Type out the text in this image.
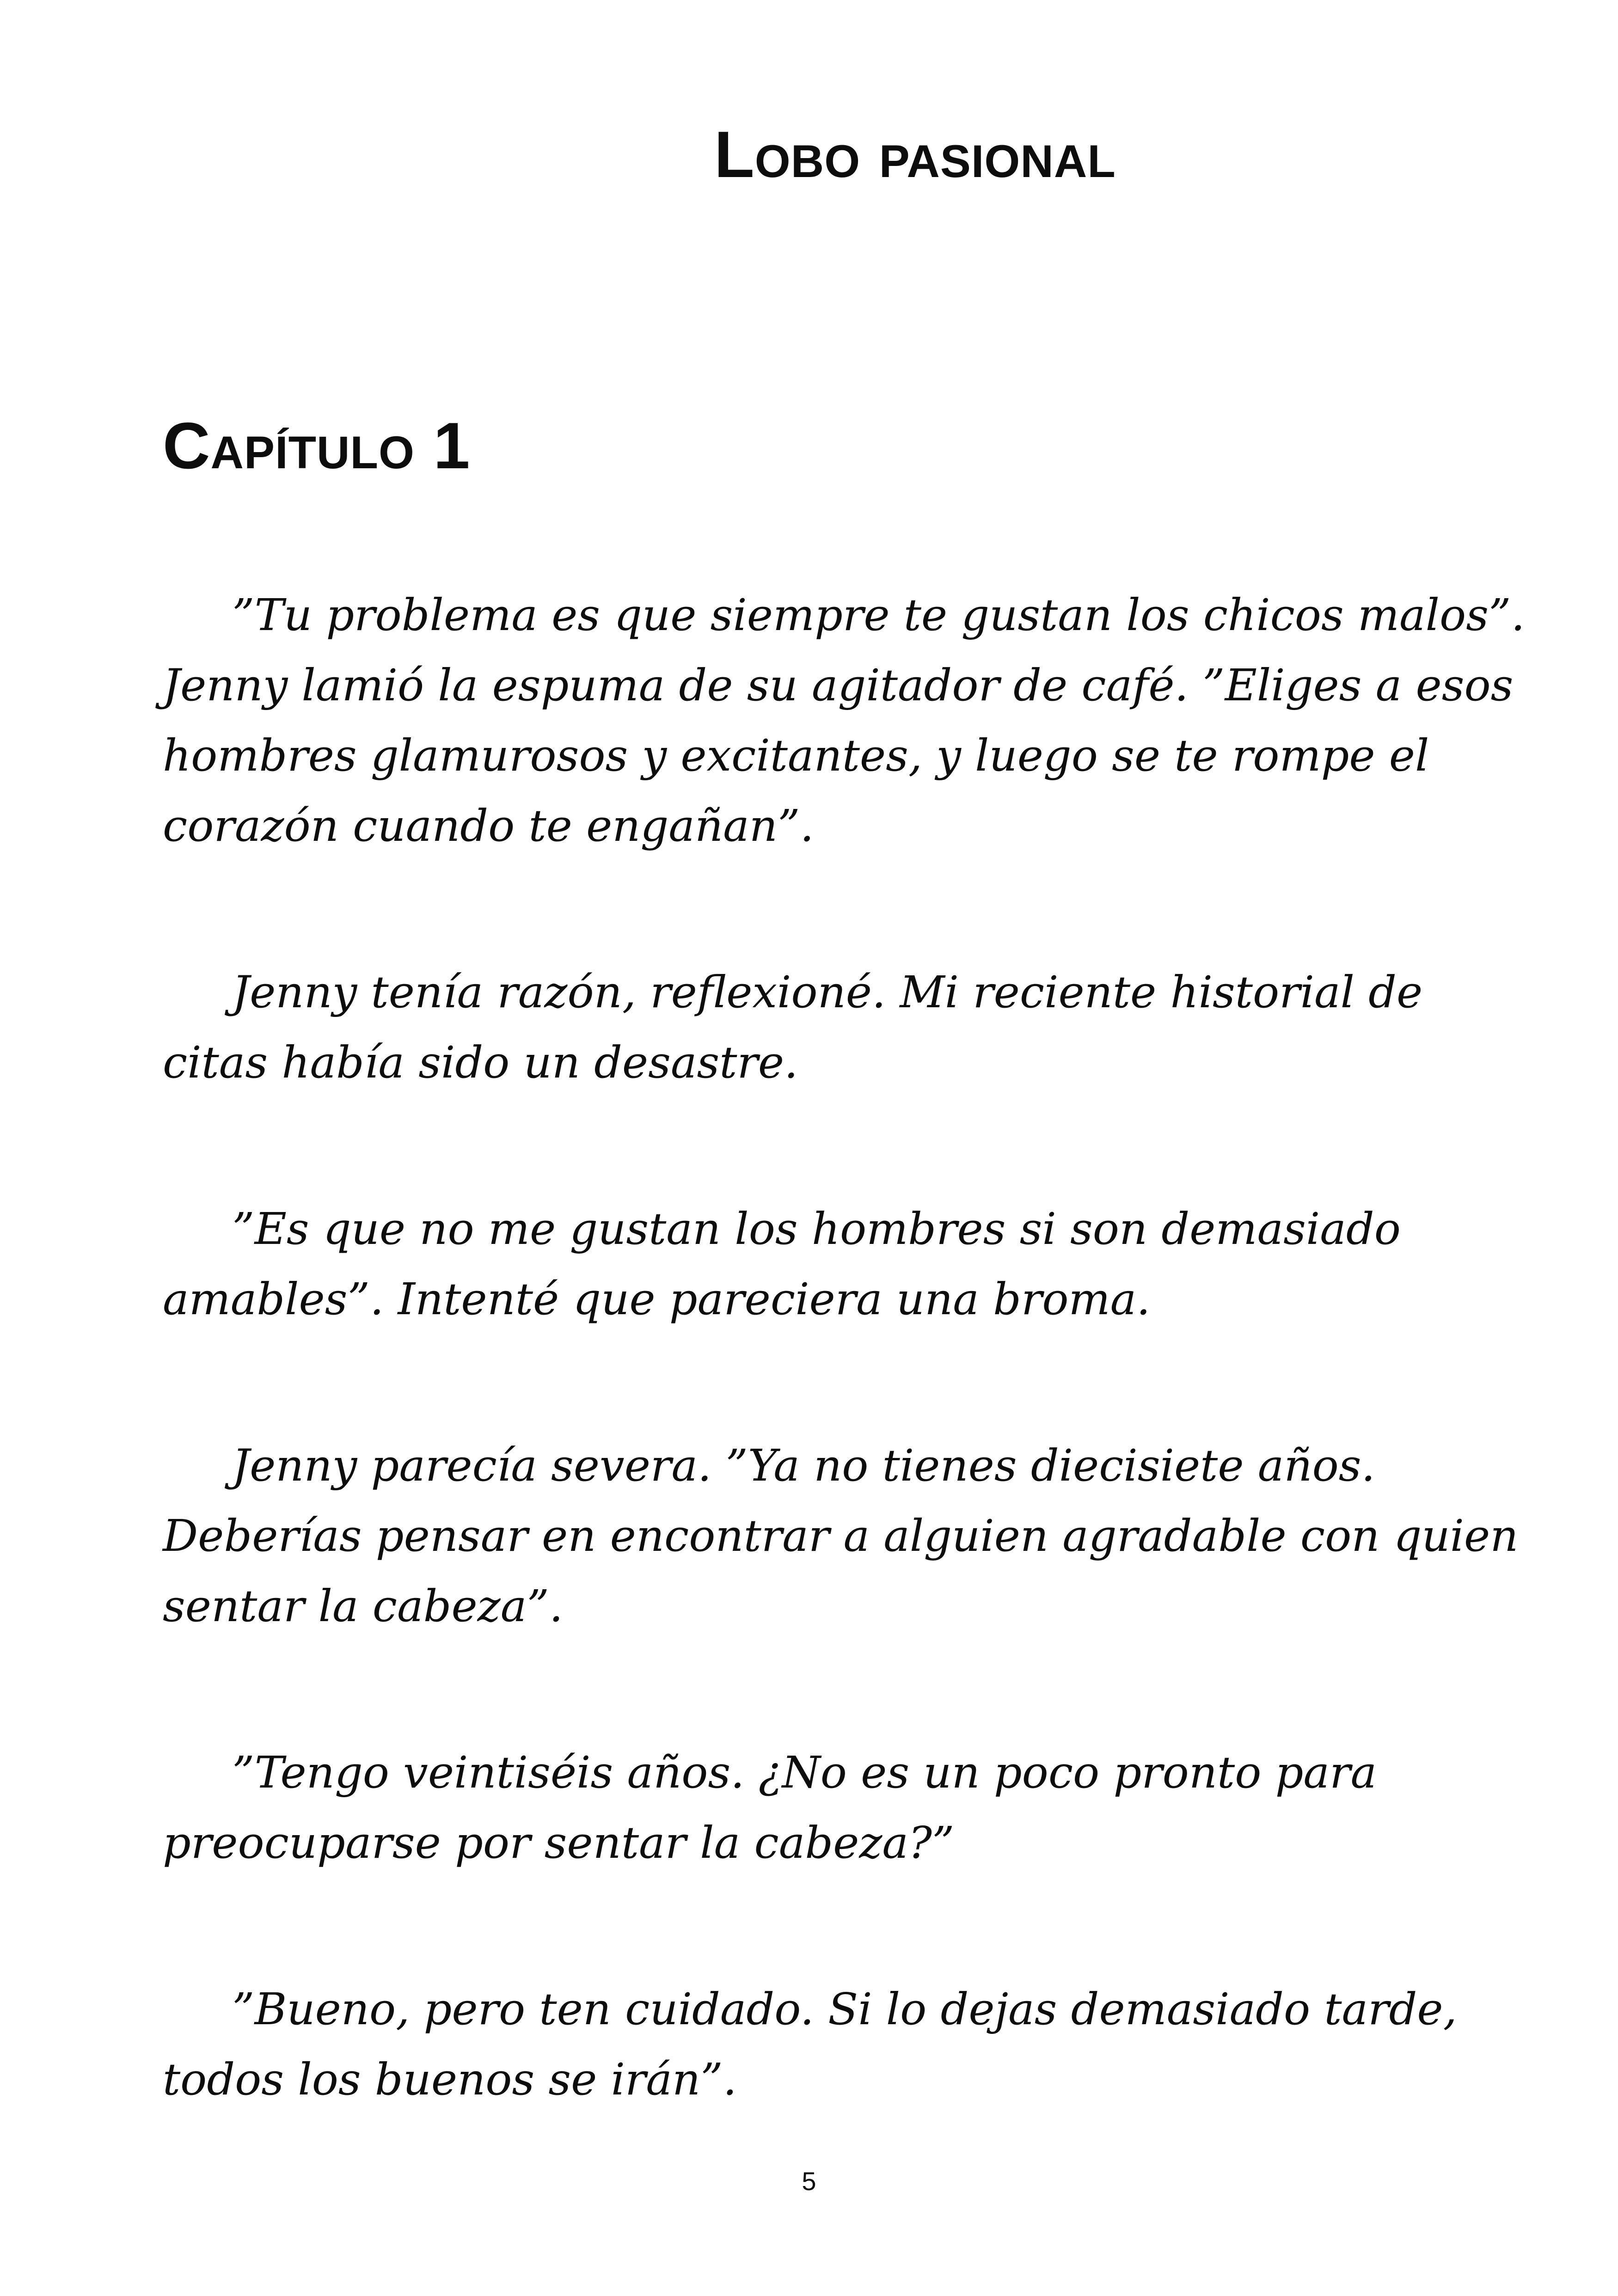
Lobo pasional
Capítulo 1

”Tu problema es que siempre te gustan los chicos malos”. Jenny lamió la espuma de su agitador de café. ”Eliges a esos hombres glamurosos y excitantes, y luego se te rompe el corazón cuando te engañan”.

Jenny tenía razón, reflexioné. Mi reciente historial de citas había sido un desastre.

”Es que no me gustan los hombres si son demasiado amables”. Intenté que pareciera una broma.

Jenny parecía severa. ”Ya no tienes diecisiete años. Deberías pensar en encontrar a alguien agradable con quien sentar la cabeza”.

”Tengo veintiséis años. ¿No es un poco pronto para preocuparse por sentar la cabeza?”

”Bueno, pero ten cuidado. Si lo dejas demasiado tarde, todos los buenos se irán”.

5
